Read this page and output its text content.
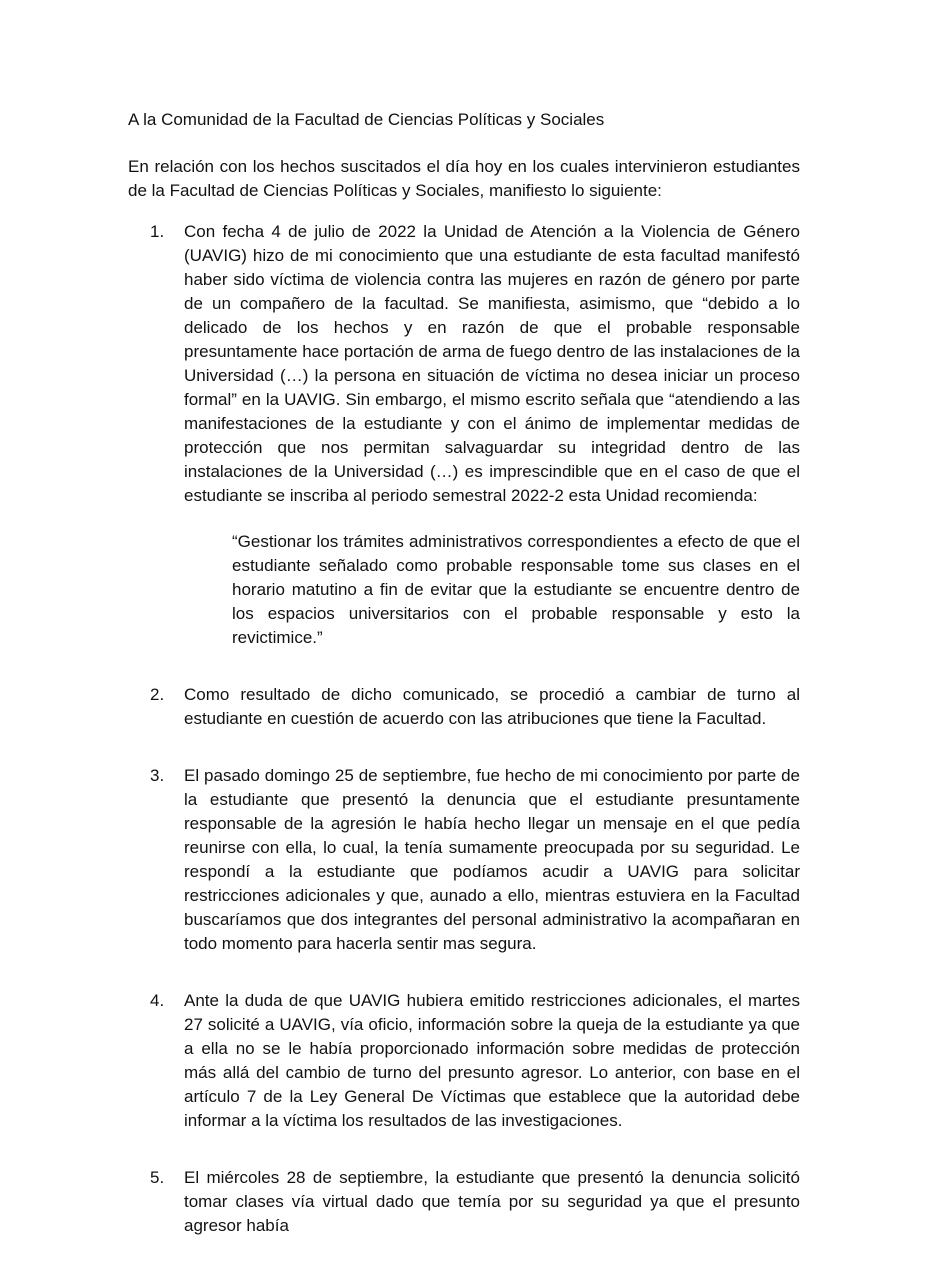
A la Comunidad de la Facultad de Ciencias Políticas y Sociales

En relación con los hechos suscitados el día hoy en los cuales intervinieron estudiantes de la Facultad de Ciencias Políticas y Sociales, manifiesto lo siguiente:

1.	Con fecha 4 de julio de 2022 la Unidad de Atención a la Violencia de Género (UAVIG) hizo de mi conocimiento que una estudiante de esta facultad manifestó haber sido víctima de violencia contra las mujeres en razón de género por parte de un compañero de la facultad. Se manifiesta, asimismo, que “debido a lo delicado de los hechos y en razón de que el probable responsable presuntamente hace portación de arma de fuego dentro de las instalaciones de la Universidad (…) la persona en situación de víctima no desea iniciar un proceso formal” en la UAVIG. Sin embargo, el mismo escrito señala que “atendiendo a las manifestaciones de la estudiante y con el ánimo de implementar medidas de protección que nos permitan salvaguardar su integridad dentro de las instalaciones de la Universidad (…) es imprescindible que en el caso de que el estudiante se inscriba al periodo semestral 2022-2 esta Unidad recomienda:

“Gestionar los trámites administrativos correspondientes a efecto de que el estudiante señalado como probable responsable tome sus clases en el horario matutino a fin de evitar que la estudiante se encuentre dentro de los espacios universitarios con el probable responsable y esto la revictimice.”

2.	Como resultado de dicho comunicado, se procedió a cambiar de turno al estudiante en cuestión de acuerdo con las atribuciones que tiene la Facultad.

3.	El pasado domingo 25 de septiembre, fue hecho de mi conocimiento por parte de la estudiante que presentó la denuncia que el estudiante presuntamente responsable de la agresión le había hecho llegar un mensaje en el que pedía reunirse con ella, lo cual, la tenía sumamente preocupada por su seguridad. Le respondí a la estudiante que podíamos acudir a UAVIG para solicitar restricciones adicionales y que, aunado a ello, mientras estuviera en la Facultad buscaríamos que dos integrantes del personal administrativo la acompañaran en todo momento para hacerla sentir mas segura.

4.	Ante la duda de que UAVIG hubiera emitido restricciones adicionales, el martes 27 solicité a UAVIG, vía oficio, información sobre la queja de la estudiante ya que a ella no se le había proporcionado información sobre medidas de protección más allá del cambio de turno del presunto agresor. Lo anterior, con base en el artículo 7 de la Ley General De Víctimas que establece que la autoridad debe informar a la víctima los resultados de las investigaciones.

5.	El miércoles 28 de septiembre, la estudiante que presentó la denuncia solicitó tomar clases vía virtual dado que temía por su seguridad ya que el presunto agresor había
